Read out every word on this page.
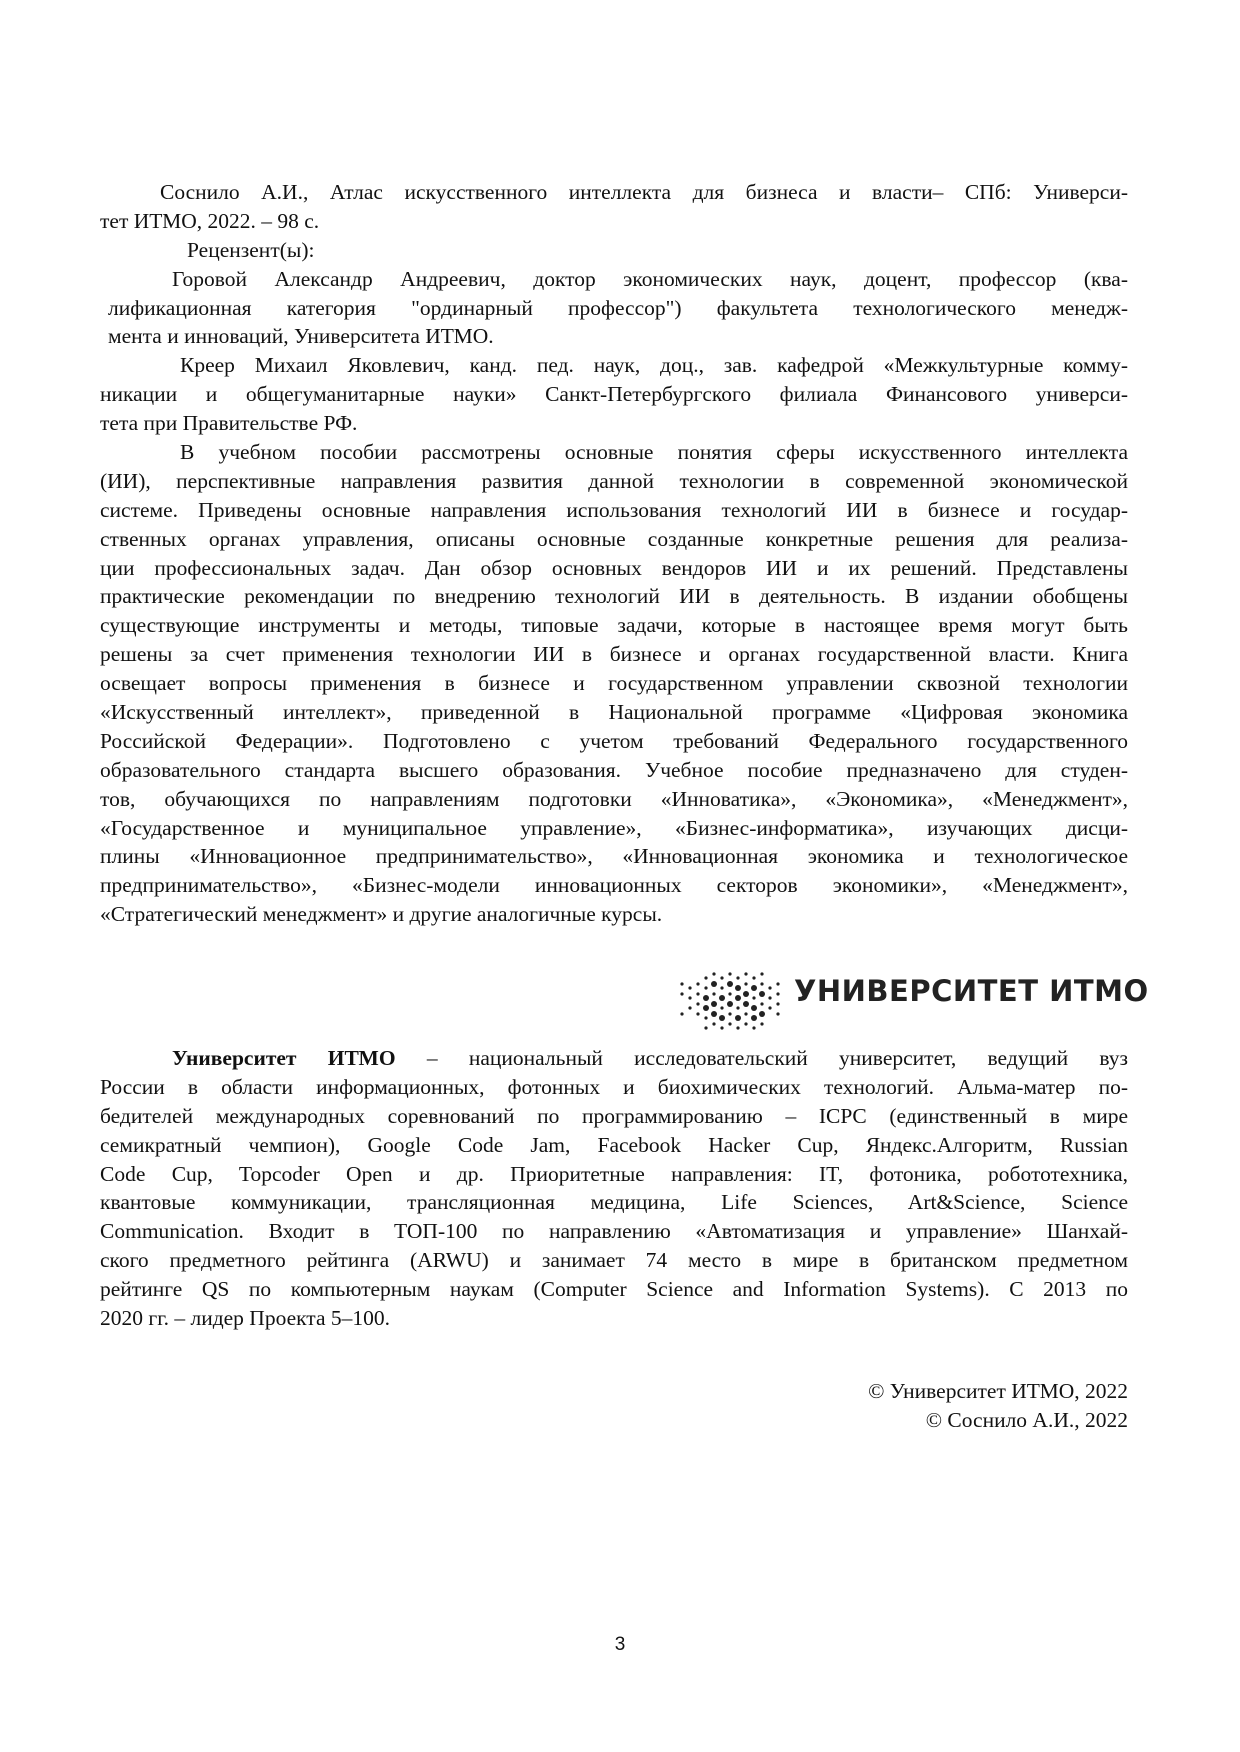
Соснило А.И., Атлас искусственного интеллекта для бизнеса и власти– СПб: Универси-
тет ИТМО, 2022. – 98 с.
Рецензент(ы):
Горовой Александр Андреевич, доктор экономических наук, доцент, профессор (ква-
лификационная категория "ординарный профессор") факультета технологического менедж-
мента и инноваций, Университета ИТМО.
Креер Михаил Яковлевич, канд. пед. наук, доц., зав. кафедрой «Межкультурные комму-
никации и общегуманитарные науки» Санкт-Петербургского филиала Финансового универси-
тета при Правительстве РФ.
В учебном пособии рассмотрены основные понятия сферы искусственного интеллекта
(ИИ), перспективные направления развития данной технологии в современной экономической
системе. Приведены основные направления использования технологий ИИ в бизнесе и государ-
ственных органах управления, описаны основные созданные конкретные решения для реализа-
ции профессиональных задач. Дан обзор основных вендоров ИИ и их решений. Представлены
практические рекомендации по внедрению технологий ИИ в деятельность. В издании обобщены
существующие инструменты и методы, типовые задачи, которые в настоящее время могут быть
решены за счет применения технологии ИИ в бизнесе и органах государственной власти. Книга
освещает вопросы применения в бизнесе и государственном управлении сквозной технологии
«Искусственный интеллект», приведенной в Национальной программе «Цифровая экономика
Российской Федерации». Подготовлено с учетом требований Федерального государственного
образовательного стандарта высшего образования. Учебное пособие предназначено для студен-
тов, обучающихся по направлениям подготовки «Инноватика», «Экономика», «Менеджмент»,
«Государственное и муниципальное управление», «Бизнес-информатика», изучающих дисци-
плины «Инновационное предпринимательство», «Инновационная экономика и технологическое
предпринимательство», «Бизнес-модели инновационных секторов экономики», «Менеджмент»,
«Стратегический менеджмент» и другие аналогичные курсы.
УНИВЕРСИТЕТ ИТМО
Университет ИТМО – национальный исследовательский университет, ведущий вуз
России в области информационных, фотонных и биохимических технологий. Альма-матер по-
бедителей международных соревнований по программированию – ICPC (единственный в мире
семикратный чемпион), Google Code Jam, Facebook Hacker Cup, Яндекс.Алгоритм, Russian
Code Cup, Topcoder Open и др. Приоритетные направления: IT, фотоника, робототехника,
квантовые коммуникации, трансляционная медицина, Life Sciences, Art&Science, Science
Communication. Входит в ТОП-100 по направлению «Автоматизация и управление» Шанхай-
ского предметного рейтинга (ARWU) и занимает 74 место в мире в британском предметном
рейтинге QS по компьютерным наукам (Computer Science and Information Systems). С 2013 по
2020 гг. – лидер Проекта 5–100.
© Университет ИТМО, 2022
© Соснило А.И., 2022
3
